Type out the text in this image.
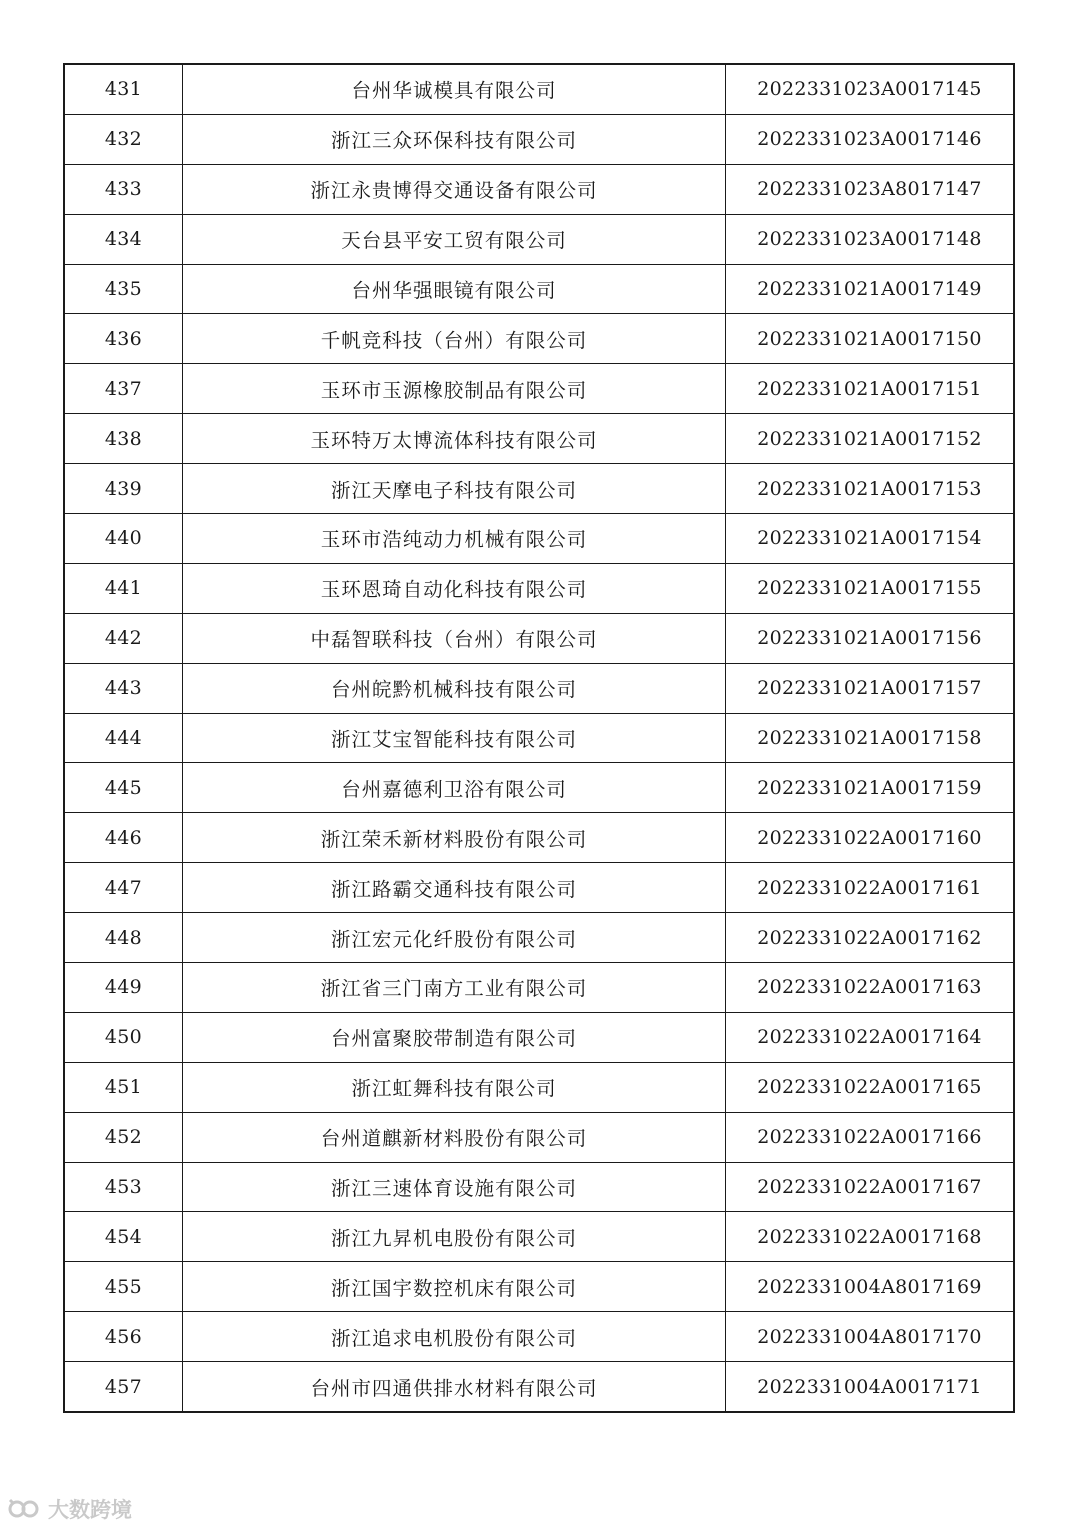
431	台州华诚模具有限公司	2022331023A0017145
432	浙江三众环保科技有限公司	2022331023A0017146
433	浙江永贵博得交通设备有限公司	2022331023A8017147
434	天台县平安工贸有限公司	2022331023A0017148
435	台州华强眼镜有限公司	2022331021A0017149
436	千帆竞科技（台州）有限公司	2022331021A0017150
437	玉环市玉源橡胶制品有限公司	2022331021A0017151
438	玉环特万太博流体科技有限公司	2022331021A0017152
439	浙江天摩电子科技有限公司	2022331021A0017153
440	玉环市浩纯动力机械有限公司	2022331021A0017154
441	玉环恩琦自动化科技有限公司	2022331021A0017155
442	中磊智联科技（台州）有限公司	2022331021A0017156
443	台州皖黔机械科技有限公司	2022331021A0017157
444	浙江艾宝智能科技有限公司	2022331021A0017158
445	台州嘉德利卫浴有限公司	2022331021A0017159
446	浙江荣禾新材料股份有限公司	2022331022A0017160
447	浙江路霸交通科技有限公司	2022331022A0017161
448	浙江宏元化纤股份有限公司	2022331022A0017162
449	浙江省三门南方工业有限公司	2022331022A0017163
450	台州富聚胶带制造有限公司	2022331022A0017164
451	浙江虹舞科技有限公司	2022331022A0017165
452	台州道麒新材料股份有限公司	2022331022A0017166
453	浙江三速体育设施有限公司	2022331022A0017167
454	浙江九昇机电股份有限公司	2022331022A0017168
455	浙江国宇数控机床有限公司	2022331004A8017169
456	浙江追求电机股份有限公司	2022331004A8017170
457	台州市四通供排水材料有限公司	2022331004A0017171
大数跨境
